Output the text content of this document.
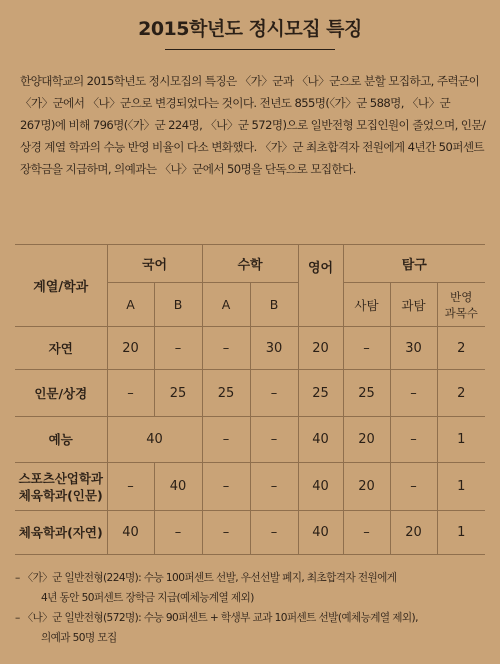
2015학년도 정시모집 특징
한양대학교의 2015학년도 정시모집의 특징은 〈가〉군과 〈나〉군으로 분할 모집하고, 주력군이 〈가〉군에서 〈나〉군으로 변경되었다는 것이다. 전년도 855명(〈가〉군 588명, 〈나〉군 267명)에 비해 796명(〈가〉군 224명, 〈나〉군 572명)으로 일반전형 모집인원이 줄었으며, 인문/상경 계열 학과의 수능 반영 비율이 다소 변화했다. 〈가〉군 최초합격자 전원에게 4년간 50퍼센트 장학금을 지급하며, 의예과는 〈나〉군에서 50명을 단독으로 모집한다.
계열/학과	국어		수학		영어	탐구		
	A	B	A	B		사탐	과탐	반영 과목수
자연	20	–	–	30	20	–	30	2
인문/상경	–	25	25	–	25	25	–	2
예능	40		–	–	40	20	–	1

스포츠산업학과
체육학과(인문)	–	40	–	–	40	20	–	1
체육학과(자연)	40	–	–	–	40	–	20	1
– 〈가〉군 일반전형(224명): 수능 100퍼센트 선발, 우선선발 폐지, 최초합격자 전원에게
4년 동안 50퍼센트 장학금 지급(예체능계열 제외)
– 〈나〉군 일반전형(572명): 수능 90퍼센트 + 학생부 교과 10퍼센트 선발(예체능계열 제외),
의예과 50명 모집
